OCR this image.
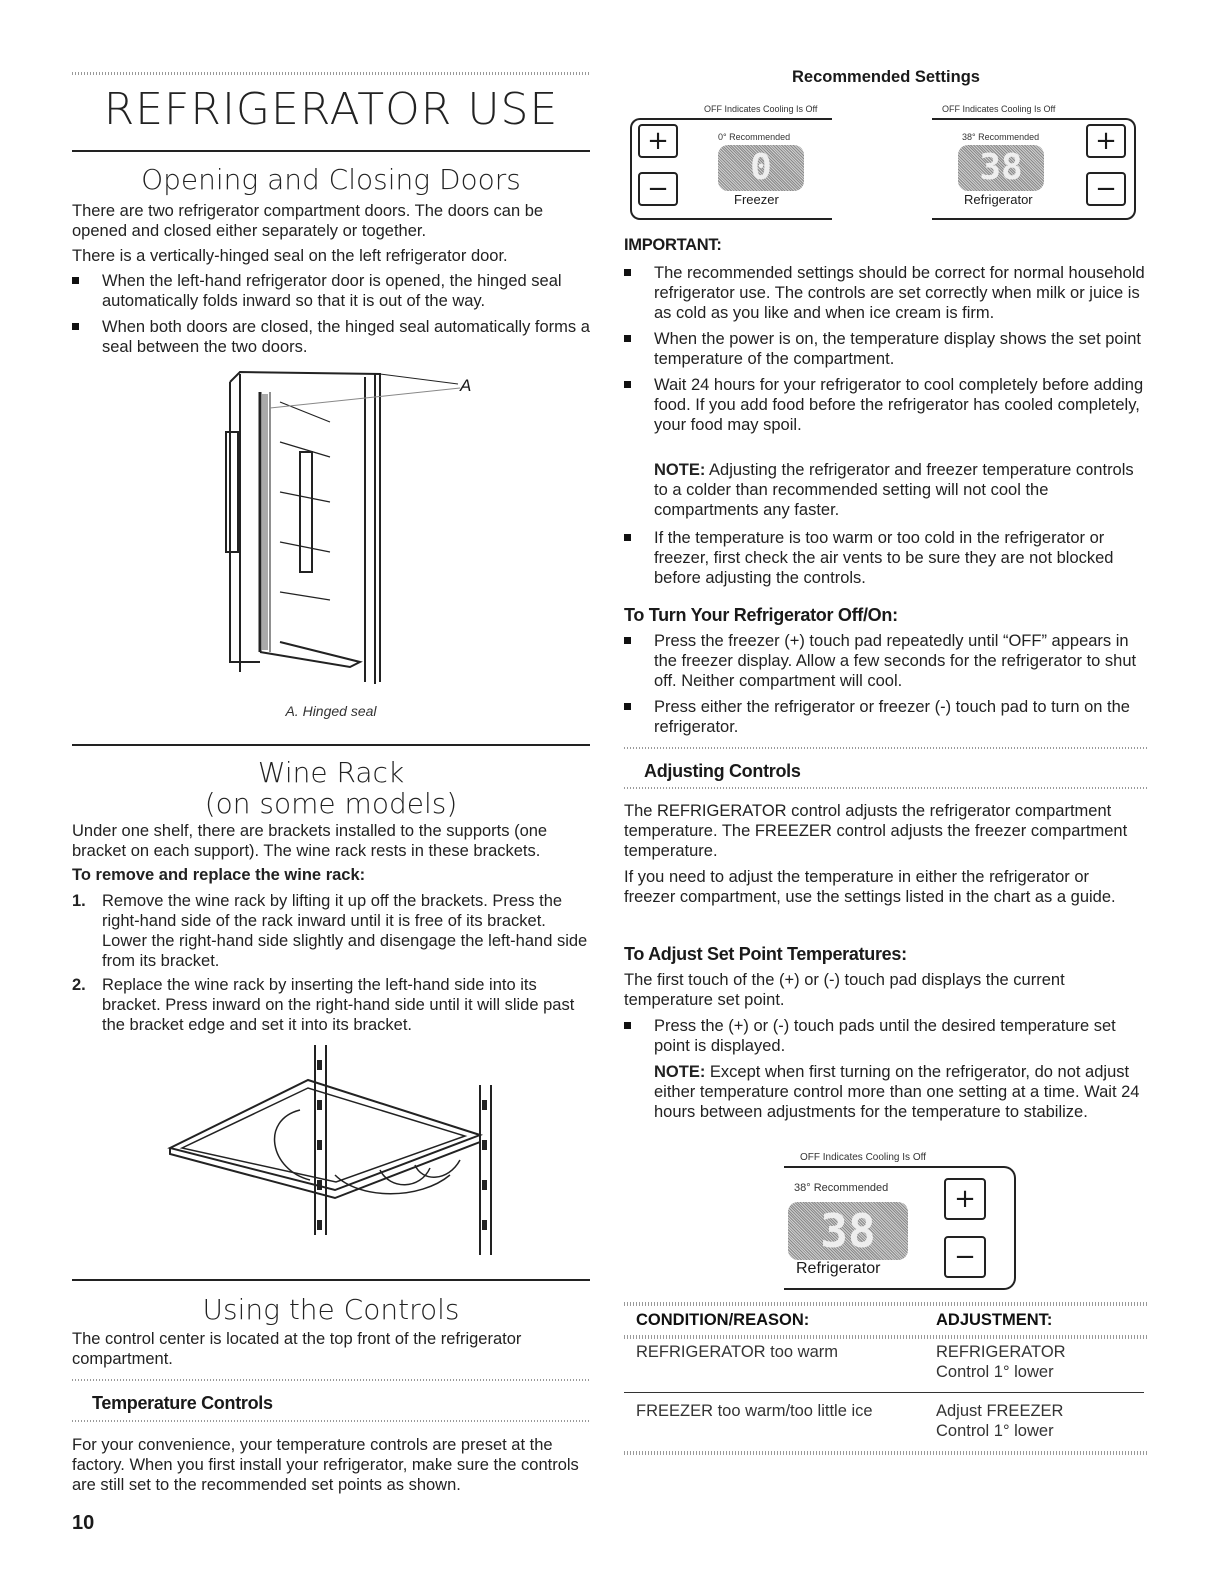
REFRIGERATOR USE
Opening and Closing Doors
There are two refrigerator compartment doors. The doors can be opened and closed either separately or together.
There is a vertically-hinged seal on the left refrigerator door.
When the left-hand refrigerator door is opened, the hinged seal automatically folds inward so that it is out of the way.
When both doors are closed, the hinged seal automatically forms a seal between the two doors.
A
A. Hinged seal
Wine Rack
(on some models)
Under one shelf, there are brackets installed to the supports (one bracket on each support). The wine rack rests in these brackets.
To remove and replace the wine rack:
1. Remove the wine rack by lifting it up off the brackets. Press the right-hand side of the rack inward until it is free of its bracket. Lower the right-hand side slightly and disengage the left-hand side from its bracket.
2. Replace the wine rack by inserting the left-hand side into its bracket. Press inward on the right-hand side until it will slide past the bracket edge and set it into its bracket.
Using the Controls
The control center is located at the top front of the refrigerator compartment.
Temperature Controls
For your convenience, your temperature controls are preset at the factory. When you first install your refrigerator, make sure the controls are still set to the recommended set points as shown.
10
Recommended Settings
OFF Indicates Cooling Is Off
+
−
0° Recommended
0
Freezer
OFF Indicates Cooling Is Off
+
−
38° Recommended
38
Refrigerator
IMPORTANT:
The recommended settings should be correct for normal household refrigerator use. The controls are set correctly when milk or juice is as cold as you like and when ice cream is firm.
When the power is on, the temperature display shows the set point temperature of the compartment.
Wait 24 hours for your refrigerator to cool completely before adding food. If you add food before the refrigerator has cooled completely, your food may spoil.
NOTE: Adjusting the refrigerator and freezer temperature controls to a colder than recommended setting will not cool the compartments any faster.
If the temperature is too warm or too cold in the refrigerator or freezer, first check the air vents to be sure they are not blocked before adjusting the controls.
To Turn Your Refrigerator Off/On:
Press the freezer (+) touch pad repeatedly until “OFF” appears in the freezer display. Allow a few seconds for the refrigerator to shut off. Neither compartment will cool.
Press either the refrigerator or freezer (-) touch pad to turn on the refrigerator.
Adjusting Controls
The REFRIGERATOR control adjusts the refrigerator compartment temperature. The FREEZER control adjusts the freezer compartment temperature.
If you need to adjust the temperature in either the refrigerator or freezer compartment, use the settings listed in the chart as a guide.
To Adjust Set Point Temperatures:
The first touch of the (+) or (-) touch pad displays the current temperature set point.
Press the (+) or (-) touch pads until the desired temperature set point is displayed.
NOTE: Except when first turning on the refrigerator, do not adjust either temperature control more than one setting at a time. Wait 24 hours between adjustments for the temperature to stabilize.
OFF Indicates Cooling Is Off
+
−
38° Recommended
38
Refrigerator
CONDITION/REASON:	ADJUSTMENT:
REFRIGERATOR too warm	REFRIGERATOR
Control 1° lower
FREEZER too warm/too little ice	Adjust FREEZER
Control 1° lower
